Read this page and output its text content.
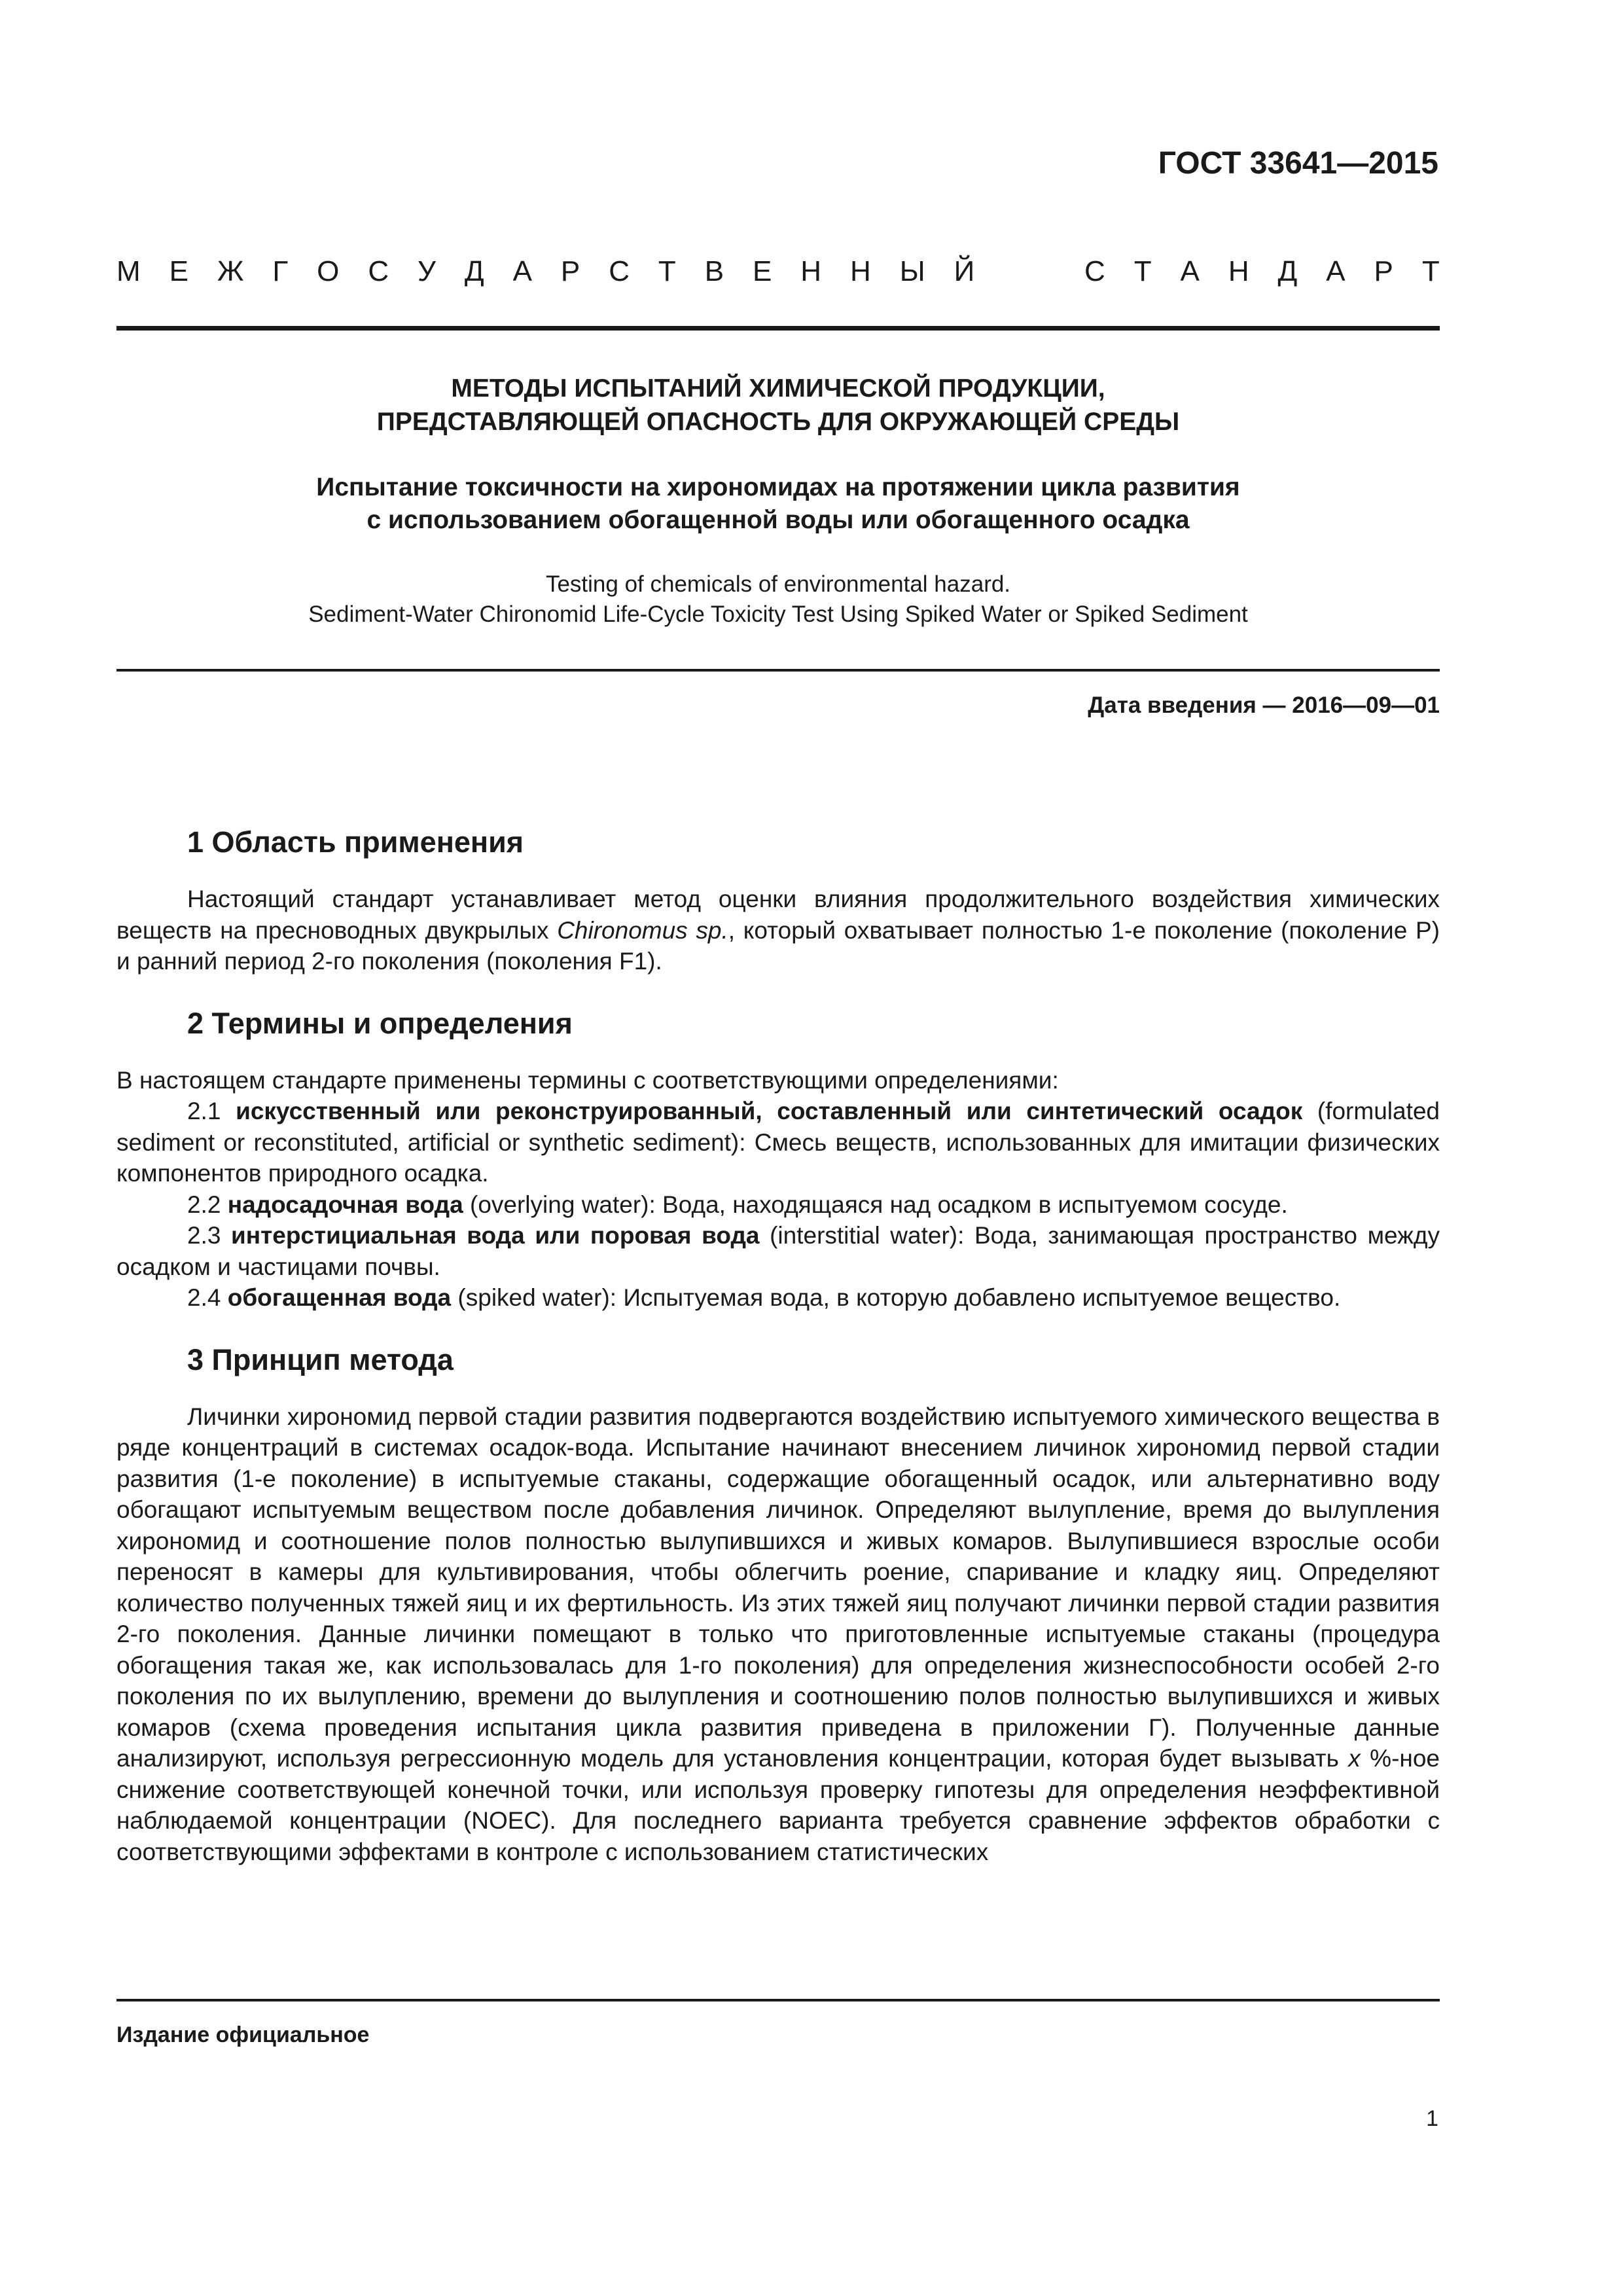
ГОСТ 33641—2015
М Е Ж Г О С У Д А Р С Т В Е Н Н Ы Й	С Т А Н Д А Р Т
МЕТОДЫ ИСПЫТАНИЙ ХИМИЧЕСКОЙ ПРОДУКЦИИ,
ПРЕДСТАВЛЯЮЩЕЙ ОПАСНОСТЬ ДЛЯ ОКРУЖАЮЩЕЙ СРЕДЫ
Испытание токсичности на хирономидах на протяжении цикла развития
с использованием обогащенной воды или обогащенного осадка
Testing of chemicals of environmental hazard.
Sediment-Water Chironomid Life-Cycle Toxicity Test Using Spiked Water or Spiked Sediment
Дата введения — 2016—09—01
1 Область применения

Настоящий стандарт устанавливает метод оценки влияния продолжительного воздействия химических веществ на пресноводных двукрылых Chironomus sp., который охватывает полностью 1-е поколение (поколение Р) и ранний период 2-го поколения (поколения F1).

2 Термины и определения

В настоящем стандарте применены термины с соответствующими определениями:

2.1 искусственный или реконструированный, составленный или синтетический осадок (formulated sediment or reconstituted, artificial or synthetic sediment): Смесь веществ, использованных для имитации физических компонентов природного осадка.

2.2 надосадочная вода (overlying water): Вода, находящаяся над осадком в испытуемом сосуде.

2.3 интерстициальная вода или поровая вода (interstitial water): Вода, занимающая пространство между осадком и частицами почвы.

2.4 обогащенная вода (spiked water): Испытуемая вода, в которую добавлено испытуемое вещество.

3 Принцип метода

Личинки хирономид первой стадии развития подвергаются воздействию испытуемого химического вещества в ряде концентраций в системах осадок-вода. Испытание начинают внесением личинок хирономид первой стадии развития (1-е поколение) в испытуемые стаканы, содержащие обогащенный осадок, или альтернативно воду обогащают испытуемым веществом после добавления личинок. Определяют вылупление, время до вылупления хирономид и соотношение полов полностью вылупившихся и живых комаров. Вылупившиеся взрослые особи переносят в камеры для культивирования, чтобы облегчить роение, спаривание и кладку яиц. Определяют количество полученных тяжей яиц и их фертильность. Из этих тяжей яиц получают личинки первой стадии развития 2-го поколения. Данные личинки помещают в только что приготовленные испытуемые стаканы (процедура обогащения такая же, как использовалась для 1-го поколения) для определения жизнеспособности особей 2-го поколения по их вылуплению, времени до вылупления и соотношению полов полностью вылупившихся и живых комаров (схема проведения испытания цикла развития приведена в приложении Г). Полученные данные анализируют, используя регрессионную модель для установления концентрации, которая будет вызывать x %-ное снижение соответствующей конечной точки, или используя проверку гипотезы для определения неэффективной наблюдаемой концентрации (NOEC). Для последнего варианта требуется сравнение эффектов обработки с соответствующими эффектами в контроле с использованием статистических

Издание официальное
1
